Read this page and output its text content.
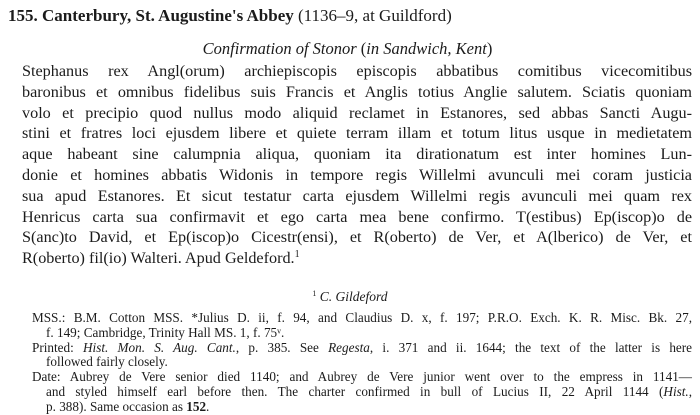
155. Canterbury, St. Augustine's Abbey (1136–9, at Guildford)
Confirmation of Stonor (in Sandwich, Kent)
Stephanus rex Angl(orum) archiepiscopis episcopis abbatibus comitibus vicecomitibus
baronibus et omnibus fidelibus suis Francis et Anglis totius Anglie salutem. Sciatis quoniam
volo et precipio quod nullus modo aliquid reclamet in Estanores, sed abbas Sancti Augu-
stini et fratres loci ejusdem libere et quiete terram illam et totum litus usque in medietatem
aque habeant sine calumpnia aliqua, quoniam ita dirationatum est inter homines Lun-
donie et homines abbatis Widonis in tempore regis Willelmi avunculi mei coram justicia
sua apud Estanores. Et sicut testatur carta ejusdem Willelmi regis avunculi mei quam rex
Henricus carta sua confirmavit et ego carta mea bene confirmo. T(estibus) Ep(iscop)o de
S(anc)to David, et Ep(iscop)o Cicestr(ensi), et R(oberto) de Ver, et A(lberico) de Ver, et
R(oberto) fil(io) Walteri. Apud Geldeford.$^1$
$^1$ C. Gildeford
MSS.: B.M. Cotton MSS. *Julius D. ii, f. 94, and Claudius D. x, f. 197; P.R.O. Exch. K. R. Misc. Bk. 27,
f. 149; Cambridge, Trinity Hall MS. 1, f. 75ᵛ.
Printed: Hist. Mon. S. Aug. Cant., p. 385. See Regesta, i. 371 and ii. 1644; the text of the latter is here
followed fairly closely.
Date: Aubrey de Vere senior died 1140; and Aubrey de Vere junior went over to the empress in 1141—
and styled himself earl before then. The charter confirmed in bull of Lucius II, 22 April 1144 (Hist.,
p. 388). Same occasion as 152.
